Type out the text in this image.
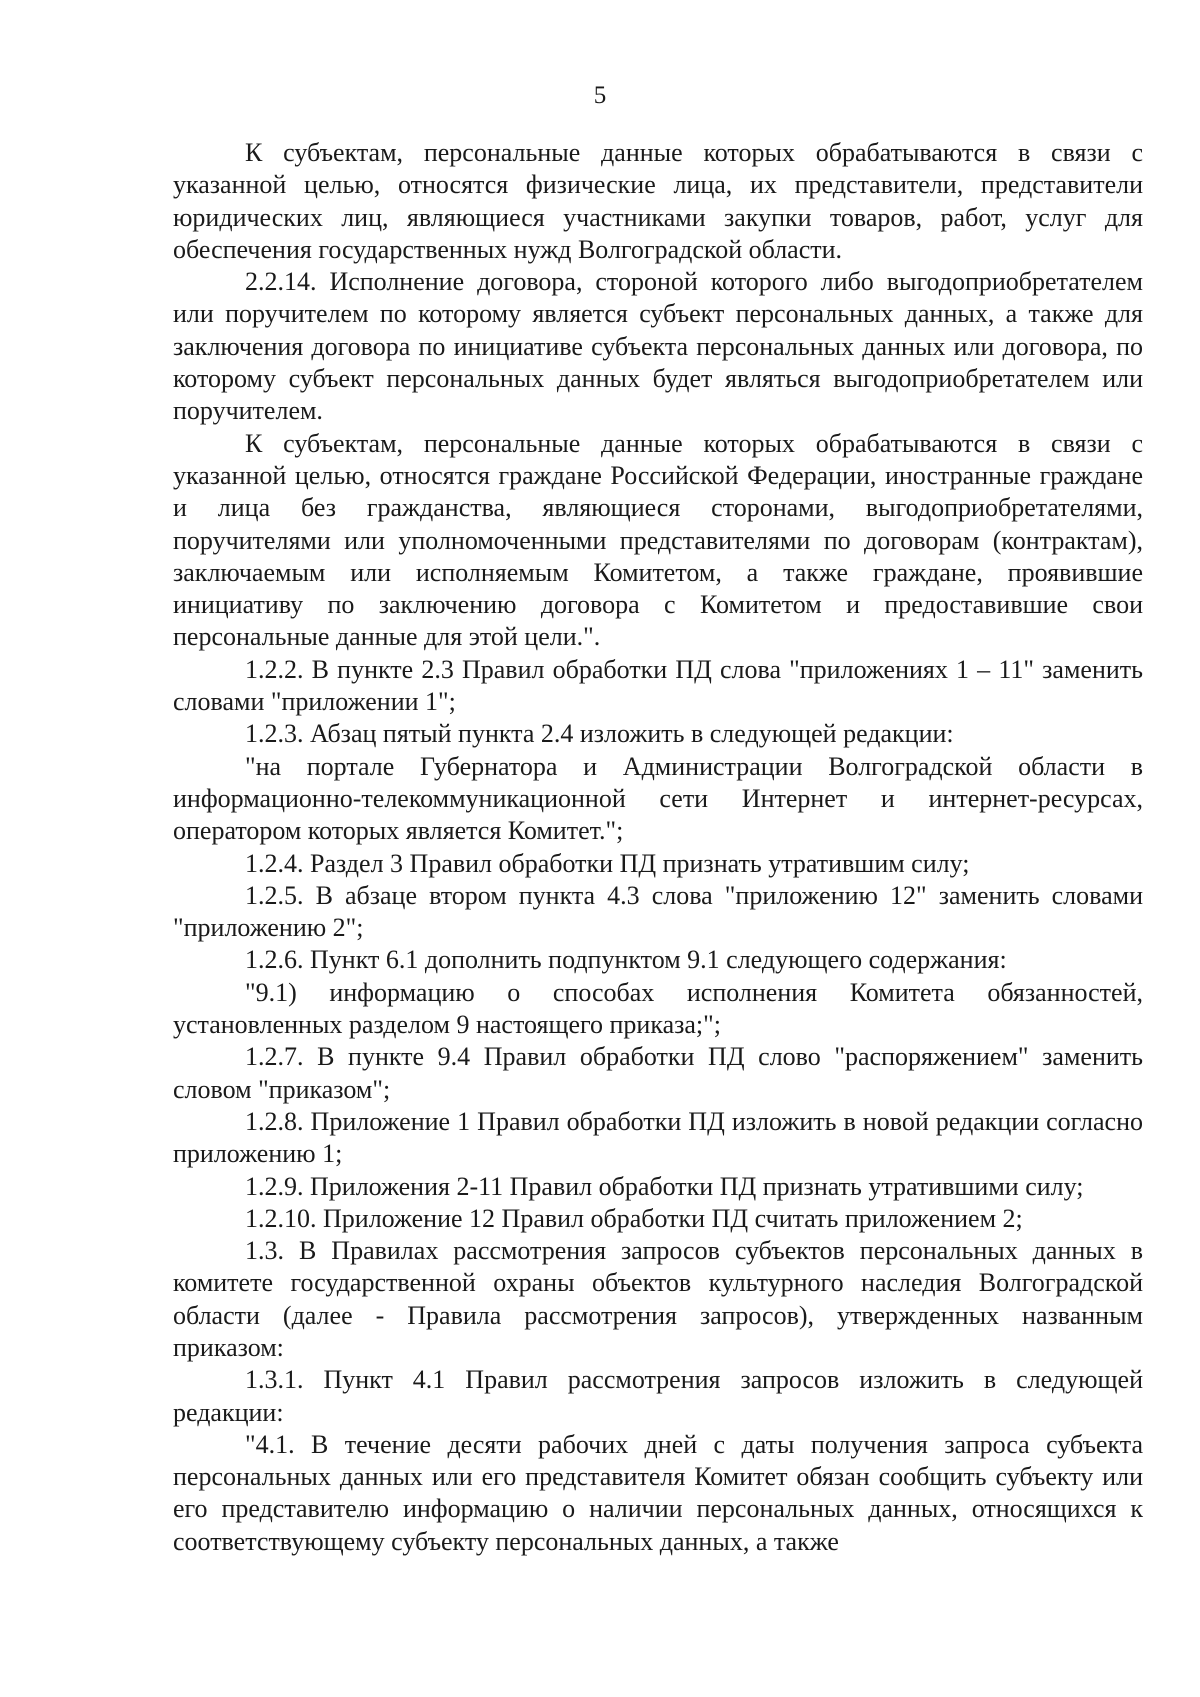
5

К субъектам, персональные данные которых обрабатываются в связи с указанной целью, относятся физические лица, их представители, представители юридических лиц, являющиеся участниками закупки товаров, работ, услуг для обеспечения государственных нужд Волгоградской области.

2.2.14. Исполнение договора, стороной которого либо выгодоприобретателем или поручителем по которому является субъект персональных данных, а также для заключения договора по инициативе субъекта персональных данных или договора, по которому субъект персональных данных будет являться выгодоприобретателем или поручителем.

К субъектам, персональные данные которых обрабатываются в связи с указанной целью, относятся граждане Российской Федерации, иностранные граждане и лица без гражданства, являющиеся сторонами, выгодоприобретателями, поручителями или уполномоченными представителями по договорам (контрактам), заключаемым или исполняемым Комитетом, а также граждане, проявившие инициативу по заключению договора с Комитетом и предоставившие свои персональные данные для этой цели.".

1.2.2. В пункте 2.3 Правил обработки ПД слова "приложениях 1 – 11" заменить словами "приложении 1";

1.2.3. Абзац пятый пункта 2.4 изложить в следующей редакции:

"на портале Губернатора и Администрации Волгоградской области в информационно-телекоммуникационной сети Интернет и интернет-ресурсах, оператором которых является Комитет.";

1.2.4. Раздел 3 Правил обработки ПД признать утратившим силу;

1.2.5. В абзаце втором пункта 4.3 слова "приложению 12" заменить словами "приложению 2";

1.2.6. Пункт 6.1 дополнить подпунктом 9.1 следующего содержания:

"9.1) информацию о способах исполнения Комитета обязанностей, установленных разделом 9 настоящего приказа;";

1.2.7. В пункте 9.4 Правил обработки ПД слово "распоряжением" заменить словом "приказом";

1.2.8. Приложение 1 Правил обработки ПД изложить в новой редакции согласно приложению 1;

1.2.9. Приложения 2-11 Правил обработки ПД признать утратившими силу;

1.2.10. Приложение 12 Правил обработки ПД считать приложением 2;

1.3. В Правилах рассмотрения запросов субъектов персональных данных в комитете государственной охраны объектов культурного наследия Волгоградской области (далее - Правила рассмотрения запросов), утвержденных названным приказом:

1.3.1. Пункт 4.1 Правил рассмотрения запросов изложить в следующей редакции:

"4.1. В течение десяти рабочих дней с даты получения запроса субъекта персональных данных или его представителя Комитет обязан сообщить субъекту или его представителю информацию о наличии персональных данных, относящихся к соответствующему субъекту персональных данных, а также
